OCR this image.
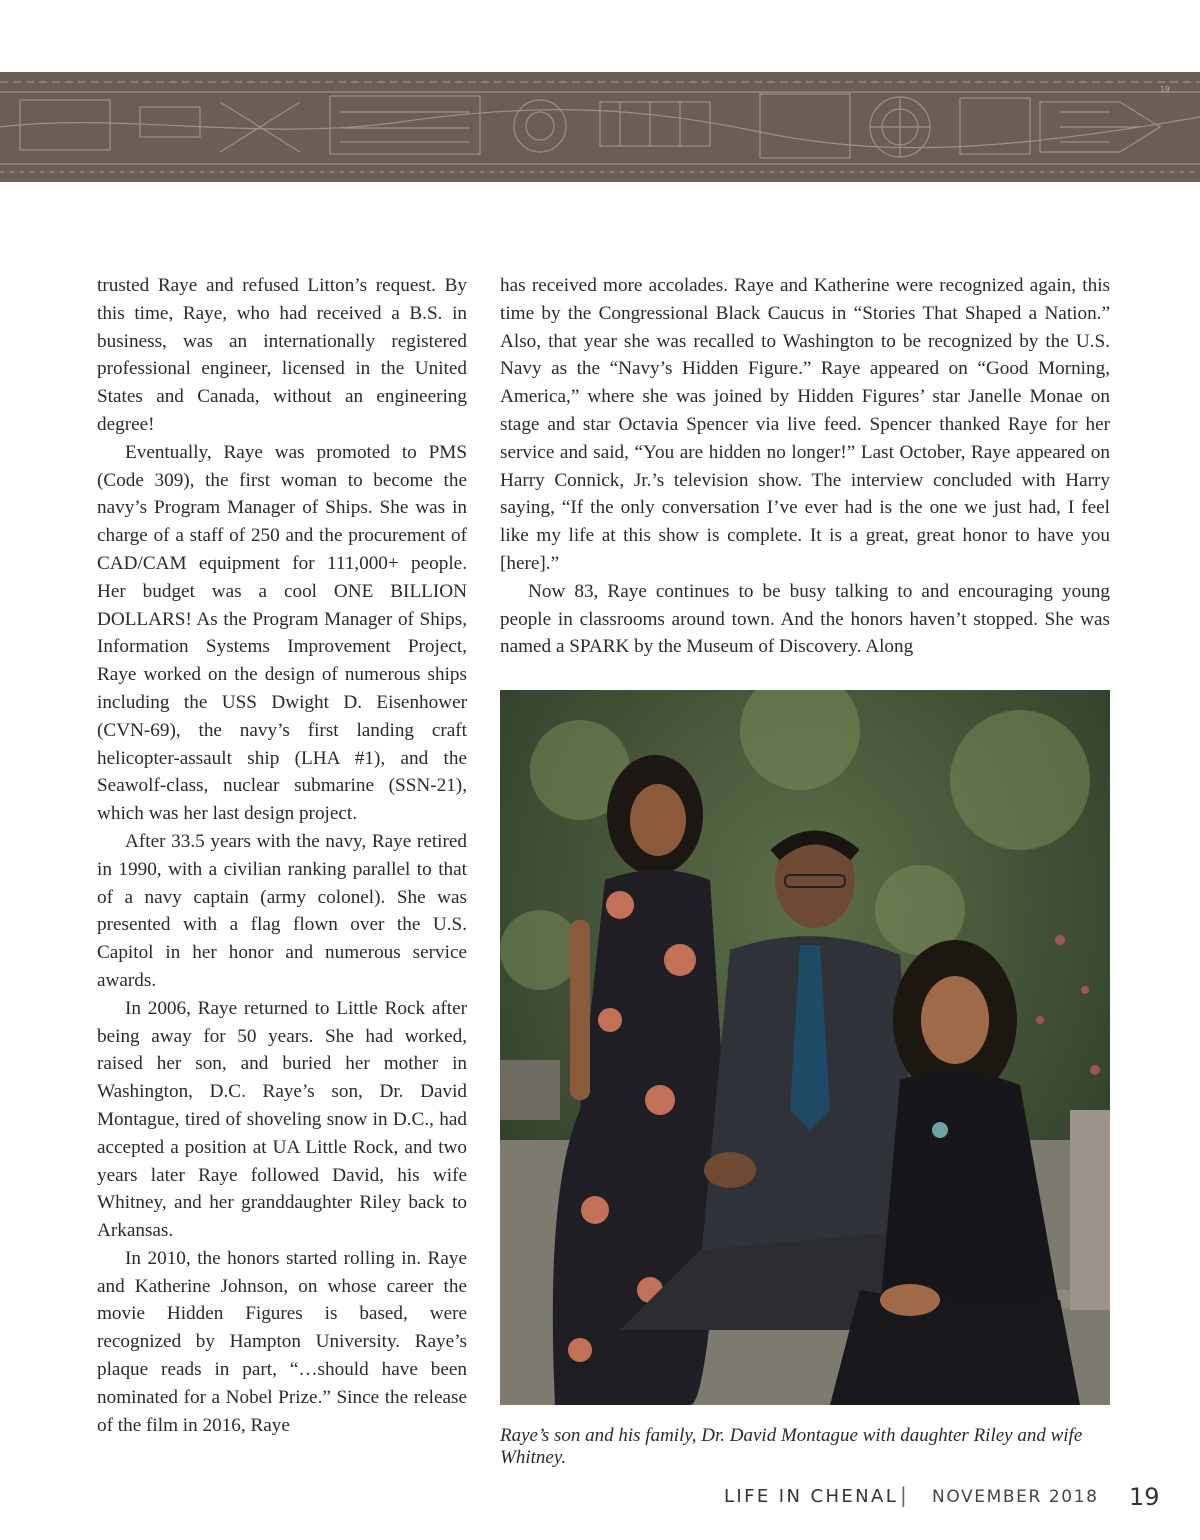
19

trusted Raye and refused Litton’s request. By this time, Raye, who had received a B.S. in business, was an internationally registered professional engineer, licensed in the United States and Canada, without an engineering degree!

Eventually, Raye was promoted to PMS (Code 309), the first woman to become the navy’s Program Manager of Ships. She was in charge of a staff of 250 and the procurement of CAD/CAM equipment for 111,000+ people. Her budget was a cool ONE BILLION DOLLARS! As the Program Manager of Ships, Information Systems Improvement Project, Raye worked on the design of numerous ships including the USS Dwight D. Eisenhower (CVN-69), the navy’s first landing craft helicopter-assault ship (LHA #1), and the Seawolf-class, nuclear submarine (SSN-21), which was her last design project.

After 33.5 years with the navy, Raye retired in 1990, with a civilian ranking parallel to that of a navy captain (army colonel). She was presented with a flag flown over the U.S. Capitol in her honor and numerous service awards.

In 2006, Raye returned to Little Rock after being away for 50 years. She had worked, raised her son, and buried her mother in Washington, D.C. Raye’s son, Dr. David Montague, tired of shoveling snow in D.C., had accepted a position at UA Little Rock, and two years later Raye followed David, his wife Whitney, and her granddaughter Riley back to Arkansas.

In 2010, the honors started rolling in. Raye and Katherine Johnson, on whose career the movie Hidden Figures is based, were recognized by Hampton University. Raye’s plaque reads in part, “…should have been nominated for a Nobel Prize.” Since the release of the film in 2016, Raye

has received more accolades. Raye and Katherine were recognized again, this time by the Congressional Black Caucus in “Stories That Shaped a Nation.” Also, that year she was recalled to Washington to be recognized by the U.S. Navy as the “Navy’s Hidden Figure.” Raye appeared on “Good Morning, America,” where she was joined by Hidden Figures’ star Janelle Monae on stage and star Octavia Spencer via live feed. Spencer thanked Raye for her service and said, “You are hidden no longer!” Last October, Raye appeared on Harry Connick, Jr.’s television show. The interview concluded with Harry saying, “If the only conversation I’ve ever had is the one we just had, I feel like my life at this show is complete. It is a great, great honor to have you [here].”

Now 83, Raye continues to be busy talking to and encouraging young people in classrooms around town. And the honors haven’t stopped. She was named a SPARK by the Museum of Discovery. Along

Raye’s son and his family, Dr. David Montague with daughter Riley and wife Whitney.
LIFE IN CHENAL | NOVEMBER 2018 19
